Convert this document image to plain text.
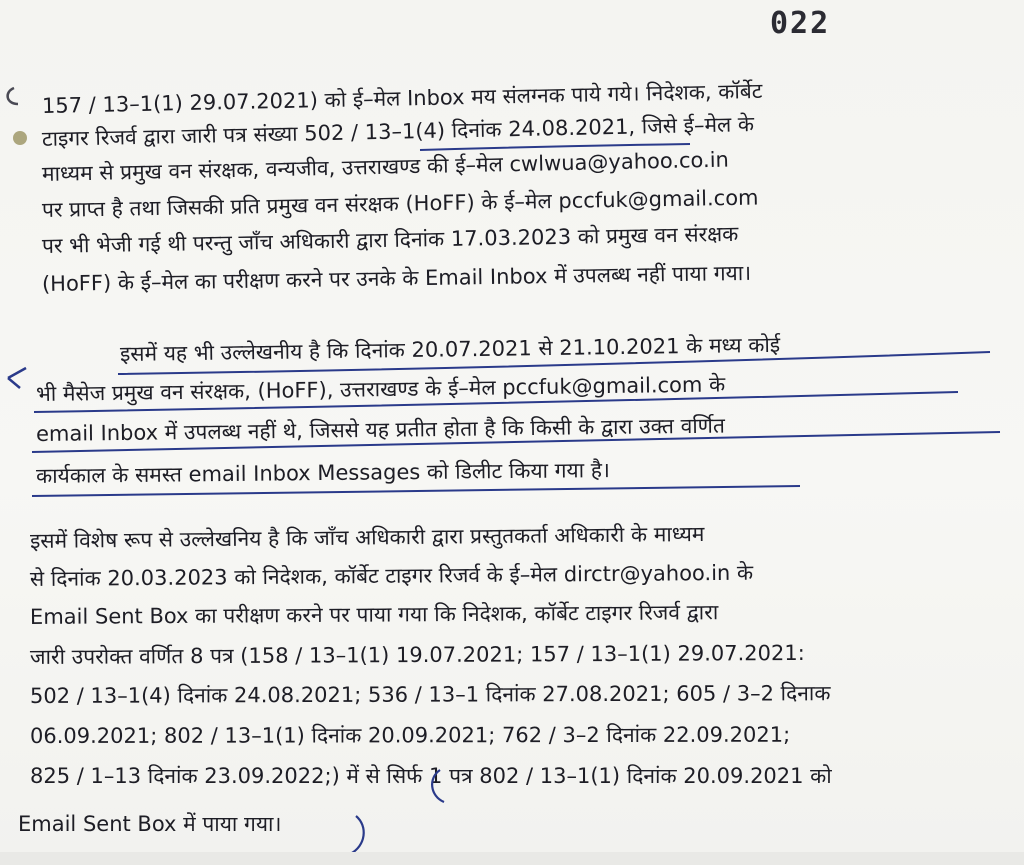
022
157 / 13–1(1) 29.07.2021) को ई–मेल Inbox मय संलग्नक पाये गये। निदेशक, कॉर्बेट
टाइगर रिजर्व द्वारा जारी पत्र संख्या 502 / 13–1(4) दिनांक 24.08.2021, जिसे ई–मेल के
माध्यम से प्रमुख वन संरक्षक, वन्यजीव, उत्तराखण्ड की ई–मेल cwlwua@yahoo.co.in
पर प्राप्त है तथा जिसकी प्रति प्रमुख वन संरक्षक (HoFF) के ई–मेल pccfuk@gmail.com
पर भी भेजी गई थी परन्तु जाँच अधिकारी द्वारा दिनांक 17.03.2023 को प्रमुख वन संरक्षक
(HoFF) के ई–मेल का परीक्षण करने पर उनके के Email Inbox में उपलब्ध नहीं पाया गया।
इसमें यह भी उल्लेखनीय है कि दिनांक 20.07.2021 से 21.10.2021 के मध्य कोई
भी मैसेज प्रमुख वन संरक्षक, (HoFF), उत्तराखण्ड के ई–मेल pccfuk@gmail.com के
email Inbox में उपलब्ध नहीं थे, जिससे यह प्रतीत होता है कि किसी के द्वारा उक्त वर्णित
कार्यकाल के समस्त email Inbox Messages को डिलीट किया गया है।
इसमें विशेष रूप से उल्लेखनिय है कि जाँच अधिकारी द्वारा प्रस्तुतकर्ता अधिकारी के माध्यम
से दिनांक 20.03.2023 को निदेशक, कॉर्बेट टाइगर रिजर्व के ई–मेल dirctr@yahoo.in के
Email Sent Box का परीक्षण करने पर पाया गया कि निदेशक, कॉर्बेट टाइगर रिजर्व द्वारा
जारी उपरोक्त वर्णित 8 पत्र (158 / 13–1(1) 19.07.2021; 157 / 13–1(1) 29.07.2021:
502 / 13–1(4) दिनांक 24.08.2021; 536 / 13–1 दिनांक 27.08.2021; 605 / 3–2 दिनाक
06.09.2021; 802 / 13–1(1) दिनांक 20.09.2021; 762 / 3–2 दिनांक 22.09.2021;
825 / 1–13 दिनांक 23.09.2022;) में से सिर्फ 1 पत्र 802 / 13–1(1) दिनांक 20.09.2021 को
Email Sent Box में पाया गया।
